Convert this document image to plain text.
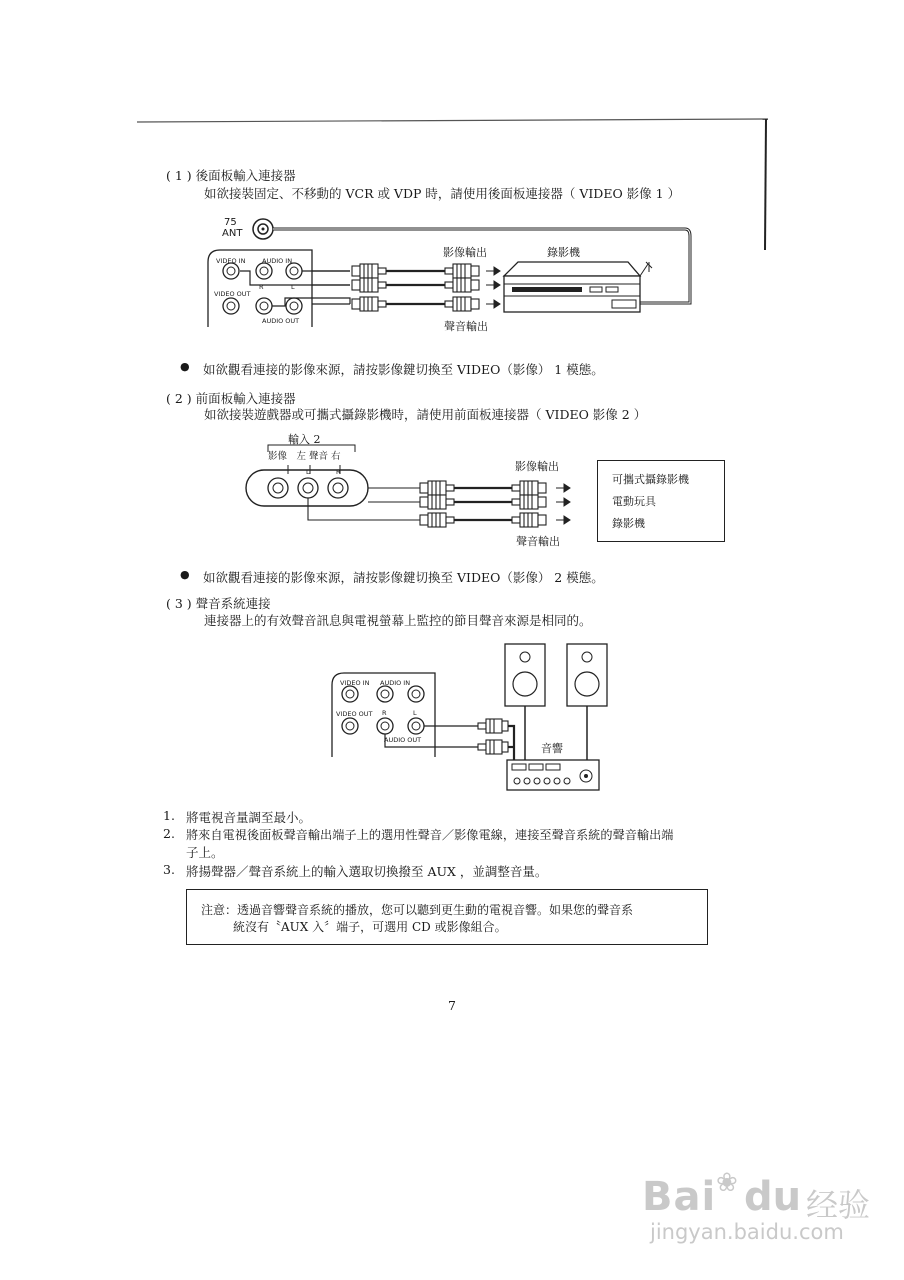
( 1 ) 後面板輸入連接器
如欲接裝固定、不移動的 VCR 或 VDP 時，請使用後面板連接器（ VIDEO 影像 1 ）
75
ANT
VIDEO IN	AUDIO IN
VIDEO OUT
R	L
AUDIO OUT
影像輸出	錄影機
聲音輸出
● 如欲觀看連接的影像來源，請按影像鍵切換至 VIDEO（影像） 1 模態。
( 2 ) 前面板輸入連接器
如欲接裝遊戲器或可攜式攝錄影機時，請使用前面板連接器（ VIDEO 影像 2 ）
輸入 2
影像　左 聲音 右
L	R	影像輸出
聲音輸出
可攜式攝錄影機
電動玩具
錄影機
● 如欲觀看連接的影像來源，請按影像鍵切換至 VIDEO（影像） 2 模態。
( 3 ) 聲音系統連接
連接器上的有效聲音訊息與電視螢幕上監控的節目聲音來源是相同的。
VIDEO IN AUDIO IN
VIDEO OUT R	L
AUDIO OUT
音響
1. 將電視音量調至最小。
2. 將來自電視後面板聲音輸出端子上的選用性聲音／影像電線，連接至聲音系統的聲音輸出端
子上。
3. 將揚聲器／聲音系統上的輸入選取切換撥至 AUX ，並調整音量。
注意：透過音響聲音系統的播放，您可以聽到更生動的電視音響。如果您的聲音系
統沒有〝AUX 入〞端子，可選用 CD 或影像組合。
7
Bai ❀ du 经验
jingyan.baidu.com
